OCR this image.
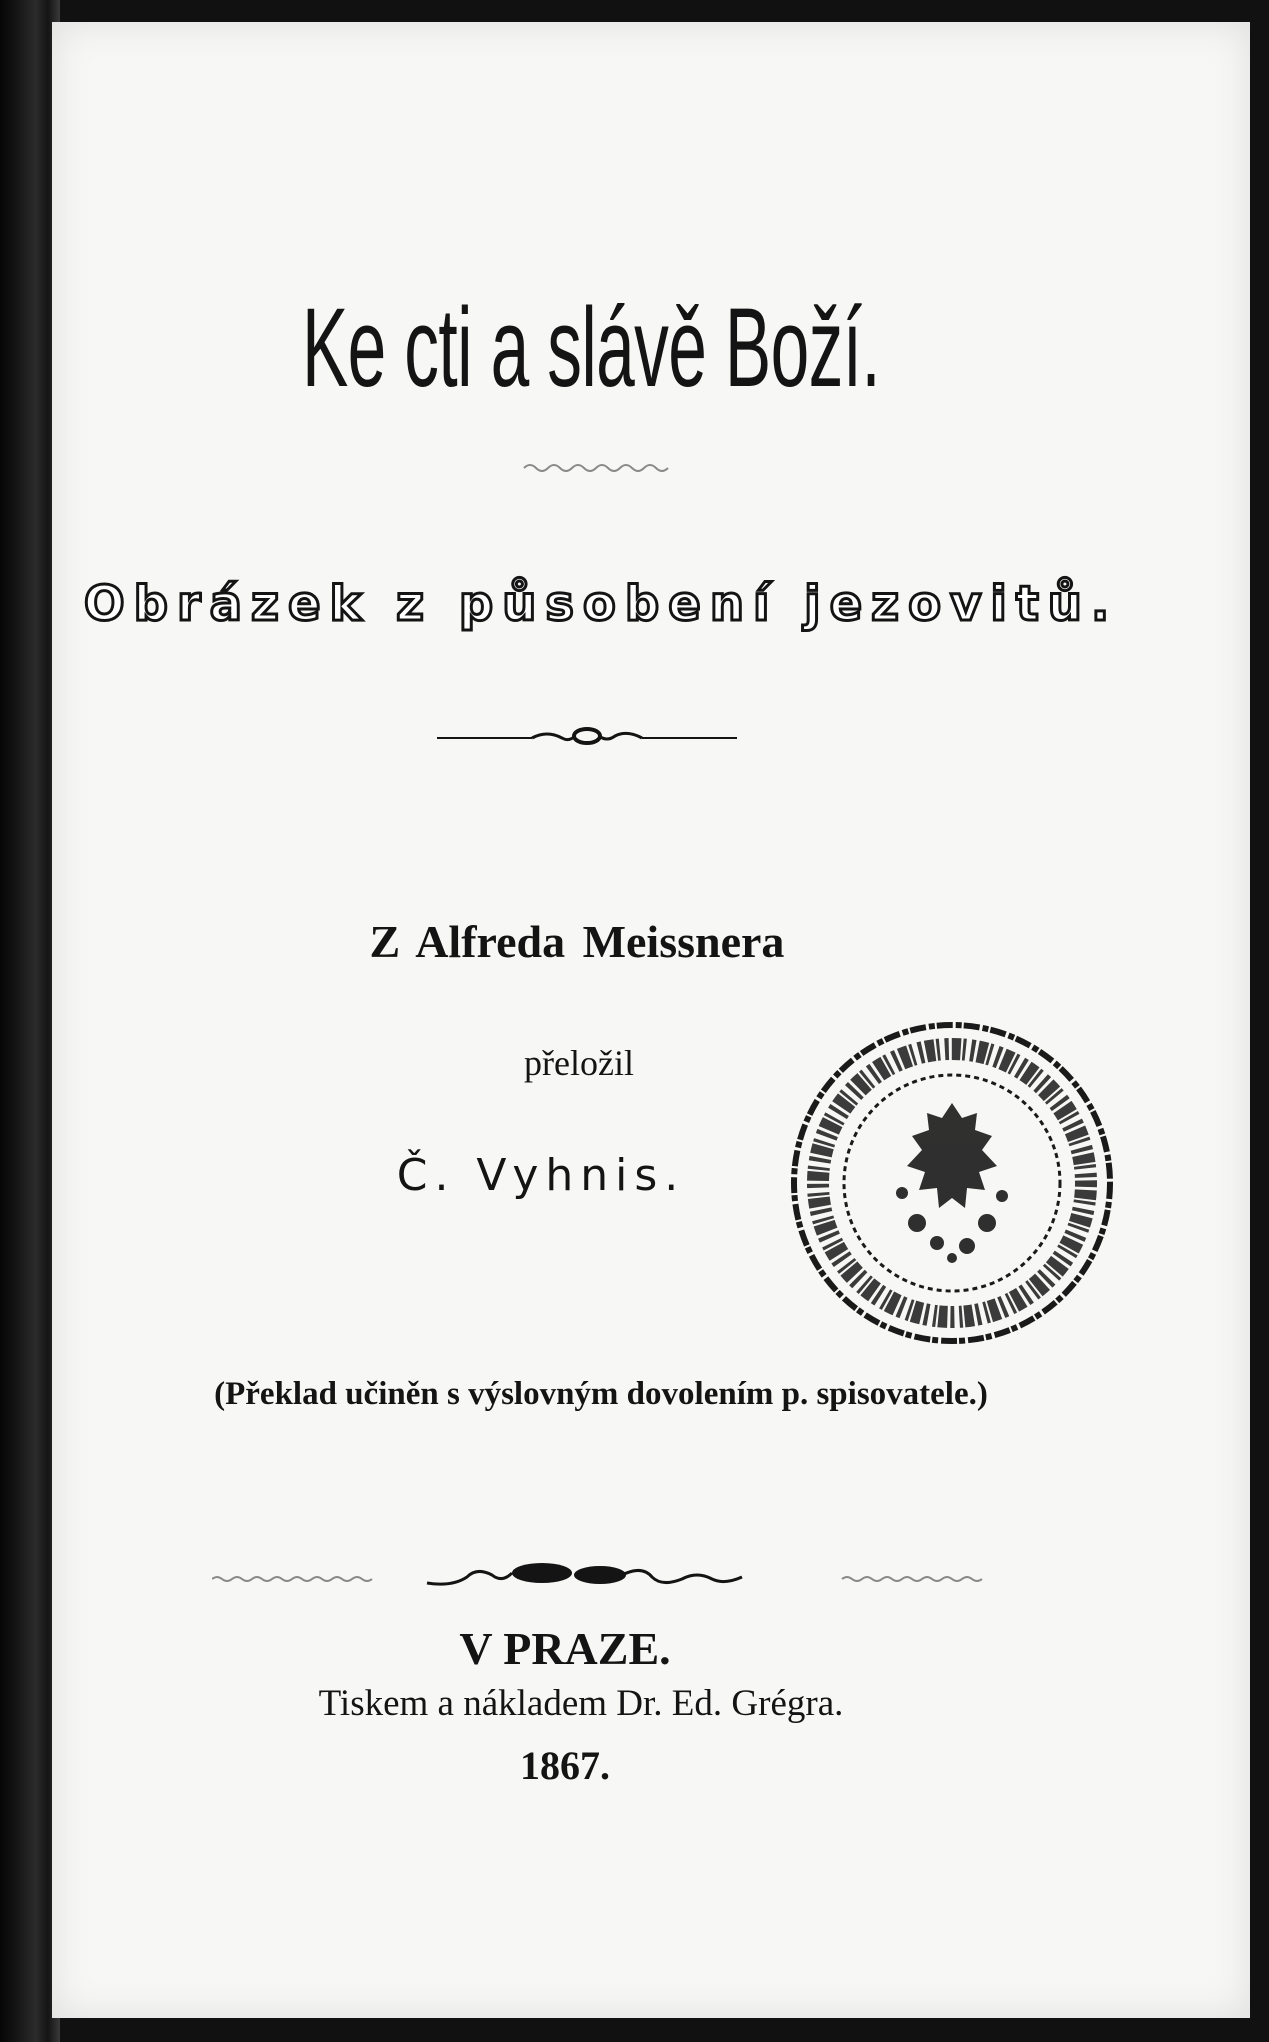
Ke cti a slávě Boží.
Obrázek z působení jezovitů.
Z Alfreda Meissnera
přeložil
Č. Vyhnis.
(Překlad učiněn s výslovným dovolením p. spisovatele.)
V PRAZE.
Tiskem a nákladem Dr. Ed. Grégra.
1867.
